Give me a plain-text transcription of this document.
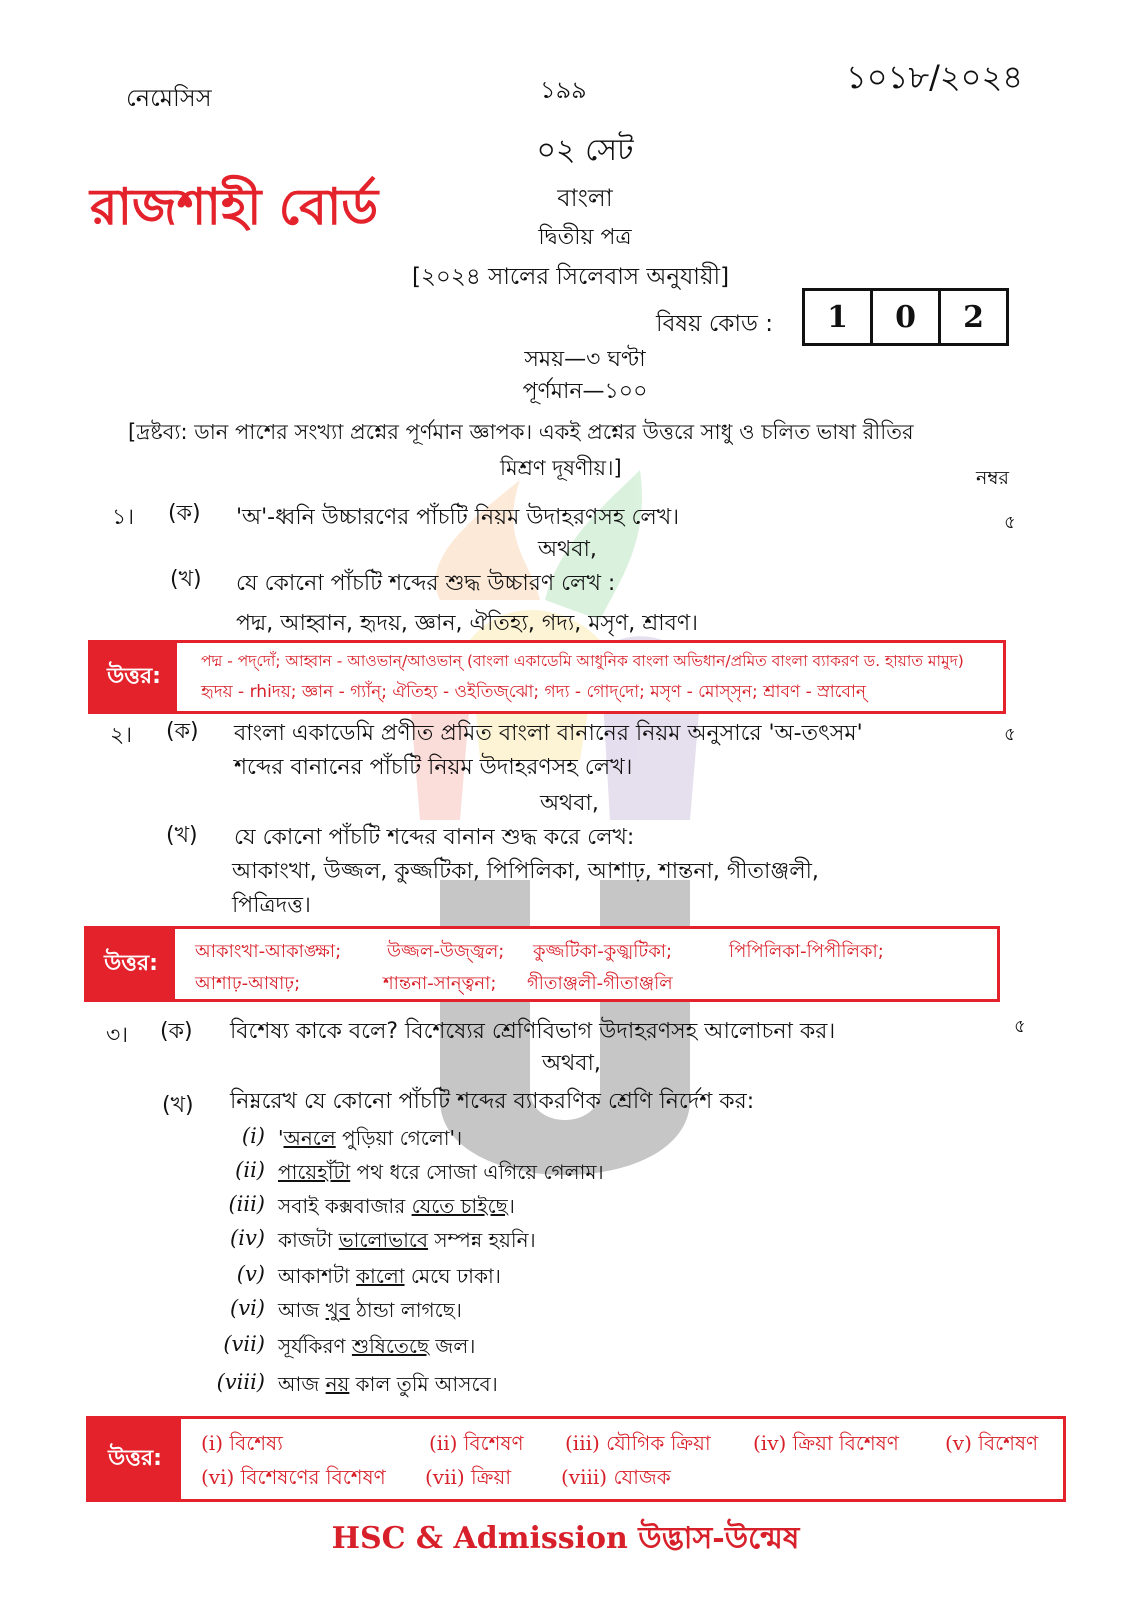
নেমেসিস	১৯৯	১০১৮/২০২৪
০২ সেট
রাজশাহী বোর্ড	বাংলা
দ্বিতীয় পত্র
[২০২৪ সালের সিলেবাস অনুযায়ী]
বিষয় কোড :	1	0	2
সময়—৩ ঘণ্টা
পূর্ণমান—১০০
[দ্রষ্টব্য: ডান পাশের সংখ্যা প্রশ্নের পূর্ণমান জ্ঞাপক। একই প্রশ্নের উত্তরে সাধু ও চলিত ভাষা রীতির
মিশ্রণ দূষণীয়।]	নম্বর
১। (ক) 'অ'-ধ্বনি উচ্চারণের পাঁচটি নিয়ম উদাহরণসহ লেখ।	৫
অথবা,
(খ) যে কোনো পাঁচটি শব্দের শুদ্ধ উচ্চারণ লেখ :
পদ্ম, আহ্বান, হৃদয়, জ্ঞান, ঐতিহ্য, গদ্য, মসৃণ, শ্রাবণ।
উত্তর:
পদ্ম - পদ্‌দোঁ; আহ্বান - আওভান্/আওভান্ (বাংলা একাডেমি আধুনিক বাংলা অভিধান/প্রমিত বাংলা ব্যাকরণ ড. হায়াত মামুদ)
হৃদয় - rhiদয়; জ্ঞান - গ্যাঁন্; ঐতিহ্য - ওইতিজ্‌ঝো; গদ্য - গোদ্‌দো; মসৃণ - মোস্‌সৃন; শ্রাবণ - স্রাবোন্
২। (ক) বাংলা একাডেমি প্রণীত প্রমিত বাংলা বানানের নিয়ম অনুসারে 'অ-তৎসম'	৫
শব্দের বানানের পাঁচটি নিয়ম উদাহরণসহ লেখ।
অথবা,
(খ) যে কোনো পাঁচটি শব্দের বানান শুদ্ধ করে লেখ:
আকাংখা, উজ্জল, কুজ্জটিকা, পিপিলিকা, আশাঢ়, শান্তনা, গীতাঞ্জলী,
পিত্রিদত্ত।
উত্তর:	আকাংখা-আকাঙ্ক্ষা;	উজ্জল-উজ্জ্বল; কুজ্জটিকা-কুজ্ঝটিকা;	পিপিলিকা-পিপীলিকা;
আশাঢ়-আষাঢ়;	শান্তনা-সান্ত্বনা; গীতাঞ্জলী-গীতাঞ্জলি
৩। (ক) বিশেষ্য কাকে বলে? বিশেষ্যের শ্রেণিবিভাগ উদাহরণসহ আলোচনা কর।	৫
অথবা,
(খ) নিম্নরেখ যে কোনো পাঁচটি শব্দের ব্যাকরণিক শ্রেণি নির্দেশ কর:
(i) 'অনলে পুড়িয়া গেলো'।
(ii) পায়েহাঁটা পথ ধরে সোজা এগিয়ে গেলাম।
(iii) সবাই কক্সবাজার যেতে চাইছে।
(iv) কাজটা ভালোভাবে সম্পন্ন হয়নি।
(v) আকাশটা কালো মেঘে ঢাকা।
(vi) আজ খুব ঠান্ডা লাগছে।
(vii) সূর্যকিরণ শুষিতেছে জল।
(viii) আজ নয় কাল তুমি আসবে।
উত্তর:
(i) বিশেষ্য	(ii) বিশেষণ (iii) যৌগিক ক্রিয়া (iv) ক্রিয়া বিশেষণ (v) বিশেষণ
(vi) বিশেষণের বিশেষণ (vii) ক্রিয়া (viii) যোজক
HSC & Admission উদ্ভাস-উন্মেষ
